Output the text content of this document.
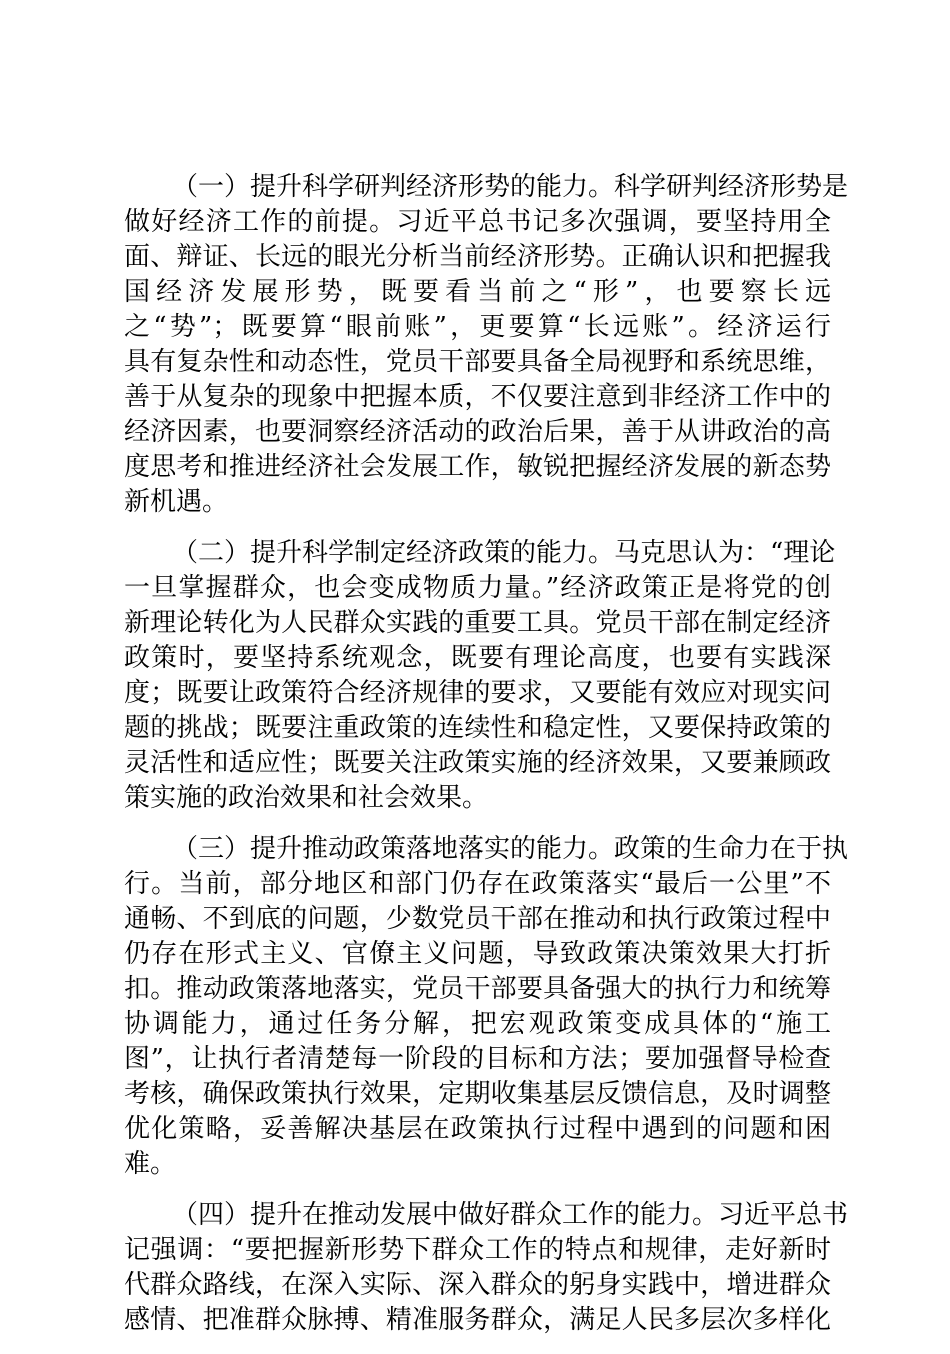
（一）提升科学研判经济形势的能力。科学研判经济形势是
做好经济工作的前提。习近平总书记多次强调，要坚持用全
面、辩证、长远的眼光分析当前经济形势。正确认识和把握我
国经济发展形势，既要看当前之“形”，也要察长远
之“势”；既要算“眼前账”，更要算“长远账”。经济运行
具有复杂性和动态性，党员干部要具备全局视野和系统思维，
善于从复杂的现象中把握本质，不仅要注意到非经济工作中的
经济因素，也要洞察经济活动的政治后果，善于从讲政治的高
度思考和推进经济社会发展工作，敏锐把握经济发展的新态势
新机遇。
（二）提升科学制定经济政策的能力。马克思认为：“理论
一旦掌握群众，也会变成物质力量。”经济政策正是将党的创
新理论转化为人民群众实践的重要工具。党员干部在制定经济
政策时，要坚持系统观念，既要有理论高度，也要有实践深
度；既要让政策符合经济规律的要求，又要能有效应对现实问
题的挑战；既要注重政策的连续性和稳定性，又要保持政策的
灵活性和适应性；既要关注政策实施的经济效果，又要兼顾政
策实施的政治效果和社会效果。
（三）提升推动政策落地落实的能力。政策的生命力在于执
行。当前，部分地区和部门仍存在政策落实“最后一公里”不
通畅、不到底的问题，少数党员干部在推动和执行政策过程中
仍存在形式主义、官僚主义问题，导致政策决策效果大打折
扣。推动政策落地落实，党员干部要具备强大的执行力和统筹
协调能力，通过任务分解，把宏观政策变成具体的“施工
图”，让执行者清楚每一阶段的目标和方法；要加强督导检查
考核，确保政策执行效果，定期收集基层反馈信息，及时调整
优化策略，妥善解决基层在政策执行过程中遇到的问题和困
难。
（四）提升在推动发展中做好群众工作的能力。习近平总书
记强调：“要把握新形势下群众工作的特点和规律，走好新时
代群众路线，在深入实际、深入群众的躬身实践中，增进群众
感情、把准群众脉搏、精准服务群众，满足人民多层次多样化
